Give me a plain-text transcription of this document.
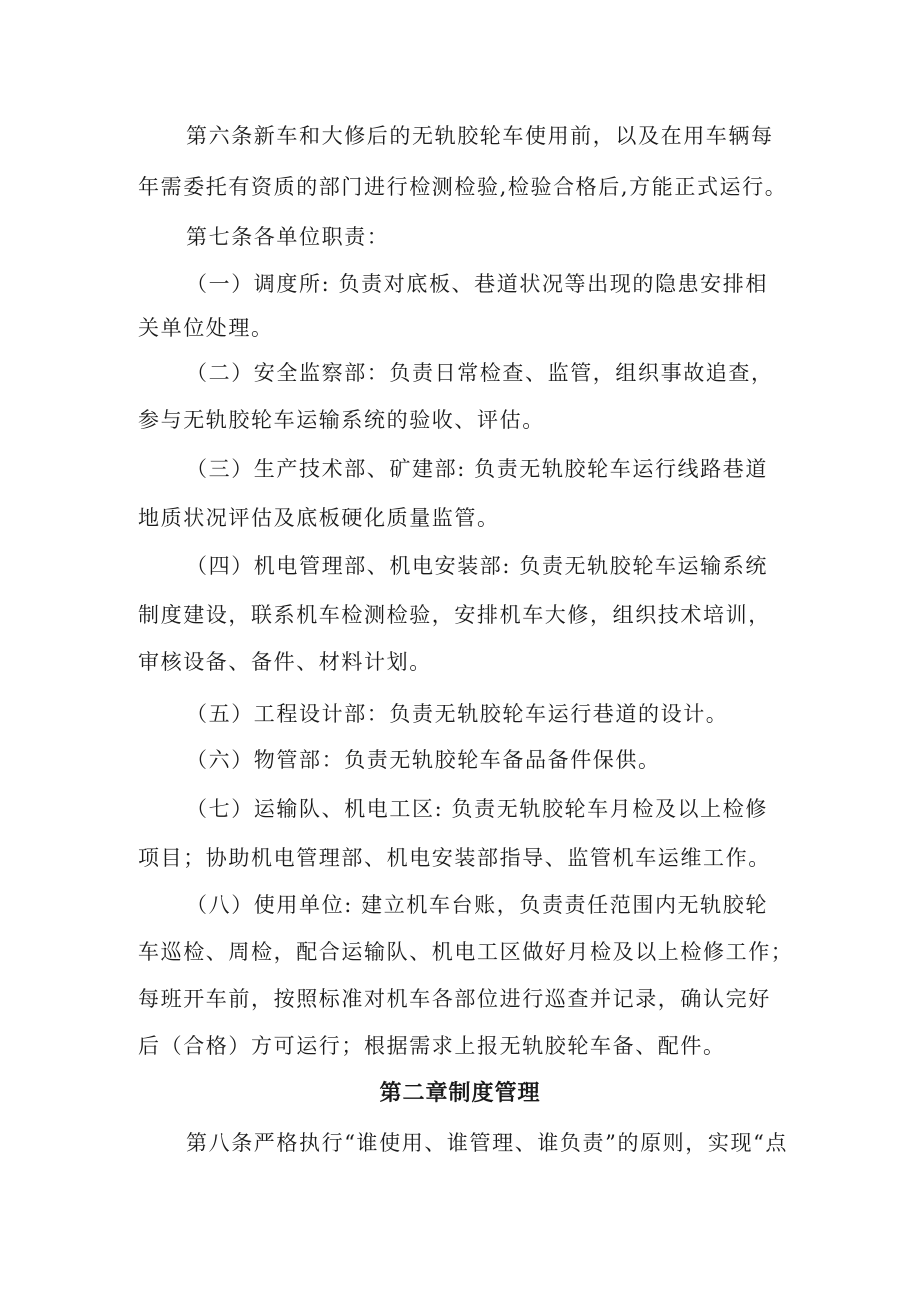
第六条新车和大修后的无轨胶轮车使用前，以及在用车辆每
年需委托有资质的部门进行检测检验,检验合格后,方能正式运行。
第七条各单位职责：
（一）调度所: 负责对底板、巷道状况等出现的隐患安排相
关单位处理。
（二）安全监察部：负责日常检查、监管，组织事故追查，
参与无轨胶轮车运输系统的验收、评估。
（三）生产技术部、矿建部: 负责无轨胶轮车运行线路巷道
地质状况评估及底板硬化质量监管。
（四）机电管理部、机电安装部: 负责无轨胶轮车运输系统
制度建设，联系机车检测检验，安排机车大修，组织技术培训，
审核设备、备件、材料计划。
（五）工程设计部：负责无轨胶轮车运行巷道的设计。
（六）物管部：负责无轨胶轮车备品备件保供。
（七）运输队、机电工区: 负责无轨胶轮车月检及以上检修
项目；协助机电管理部、机电安装部指导、监管机车运维工作。
（八）使用单位: 建立机车台账，负责责任范围内无轨胶轮
车巡检、周检，配合运输队、机电工区做好月检及以上检修工作；
每班开车前，按照标准对机车各部位进行巡查并记录，确认完好
后（合格）方可运行；根据需求上报无轨胶轮车备、配件。
第二章制度管理
第八条严格执行“谁使用、谁管理、谁负责”的原则，实现“点
